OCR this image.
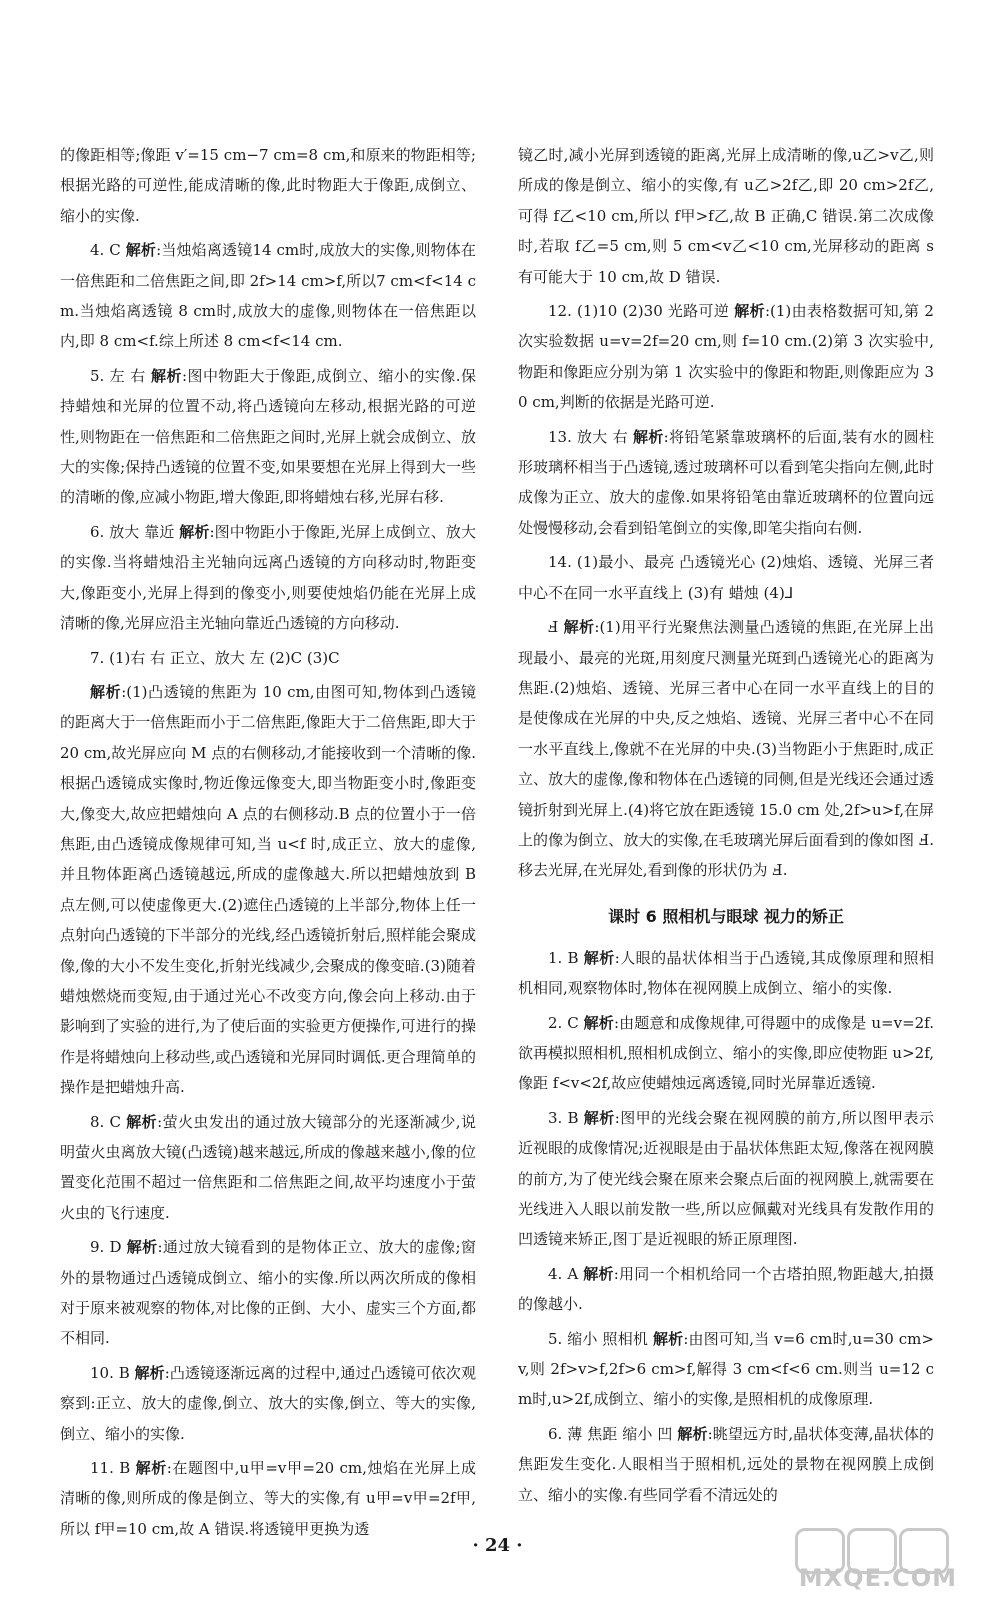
的像距相等;像距 v′=15 cm−7 cm=8 cm,和原来的物距相等;根据光路的可逆性,能成清晰的像,此时物距大于像距,成倒立、缩小的实像.

4. C 解析:当烛焰离透镜14 cm时,成放大的实像,则物体在一倍焦距和二倍焦距之间,即 2f>14 cm>f,所以7 cm<f<14 cm.当烛焰离透镜 8 cm时,成放大的虚像,则物体在一倍焦距以内,即 8 cm<f.综上所述 8 cm<f<14 cm.

5. 左 右 解析:图中物距大于像距,成倒立、缩小的实像.保持蜡烛和光屏的位置不动,将凸透镜向左移动,根据光路的可逆性,则物距在一倍焦距和二倍焦距之间时,光屏上就会成倒立、放大的实像;保持凸透镜的位置不变,如果要想在光屏上得到大一些的清晰的像,应减小物距,增大像距,即将蜡烛右移,光屏右移.

6. 放大 靠近 解析:图中物距小于像距,光屏上成倒立、放大的实像.当将蜡烛沿主光轴向远离凸透镜的方向移动时,物距变大,像距变小,光屏上得到的像变小,则要使烛焰仍能在光屏上成清晰的像,光屏应沿主光轴向靠近凸透镜的方向移动.

7. (1)右 右 正立、放大 左 (2)C (3)C

解析:(1)凸透镜的焦距为 10 cm,由图可知,物体到凸透镜的距离大于一倍焦距而小于二倍焦距,像距大于二倍焦距,即大于 20 cm,故光屏应向 M 点的右侧移动,才能接收到一个清晰的像.根据凸透镜成实像时,物近像远像变大,即当物距变小时,像距变大,像变大,故应把蜡烛向 A 点的右侧移动.B 点的位置小于一倍焦距,由凸透镜成像规律可知,当 u<f 时,成正立、放大的虚像,并且物体距离凸透镜越远,所成的虚像越大.所以把蜡烛放到 B 点左侧,可以使虚像更大.(2)遮住凸透镜的上半部分,物体上任一点射向凸透镜的下半部分的光线,经凸透镜折射后,照样能会聚成像,像的大小不发生变化,折射光线减少,会聚成的像变暗.(3)随着蜡烛燃烧而变短,由于通过光心不改变方向,像会向上移动.由于影响到了实验的进行,为了使后面的实验更方便操作,可进行的操作是将蜡烛向上移动些,或凸透镜和光屏同时调低.更合理简单的操作是把蜡烛升高.

8. C 解析:萤火虫发出的通过放大镜部分的光逐渐减少,说明萤火虫离放大镜(凸透镜)越来越远,所成的像越来越小,像的位置变化范围不超过一倍焦距和二倍焦距之间,故平均速度小于萤火虫的飞行速度.

9. D 解析:通过放大镜看到的是物体正立、放大的虚像;窗外的景物通过凸透镜成倒立、缩小的实像.所以两次所成的像相对于原来被观察的物体,对比像的正倒、大小、虚实三个方面,都不相同.

10. B 解析:凸透镜逐渐远离的过程中,通过凸透镜可依次观察到:正立、放大的虚像,倒立、放大的实像,倒立、等大的实像,倒立、缩小的实像.

11. B 解析:在题图中,u甲=v甲=20 cm,烛焰在光屏上成清晰的像,则所成的像是倒立、等大的实像,有 u甲=v甲=2f甲,所以 f甲=10 cm,故 A 错误.将透镜甲更换为透

镜乙时,减小光屏到透镜的距离,光屏上成清晰的像,u乙>v乙,则所成的像是倒立、缩小的实像,有 u乙>2f乙,即 20 cm>2f乙,可得 f乙<10 cm,所以 f甲>f乙,故 B 正确,C 错误.第二次成像时,若取 f乙=5 cm,则 5 cm<v乙<10 cm,光屏移动的距离 s 有可能大于 10 cm,故 D 错误.

12. (1)10 (2)30 光路可逆 解析:(1)由表格数据可知,第 2 次实验数据 u=v=2f=20 cm,则 f=10 cm.(2)第 3 次实验中,物距和像距应分别为第 1 次实验中的像距和物距,则像距应为 30 cm,判断的依据是光路可逆.

13. 放大 右 解析:将铅笔紧靠玻璃杯的后面,装有水的圆柱形玻璃杯相当于凸透镜,透过玻璃杯可以看到笔尖指向左侧,此时成像为正立、放大的虚像.如果将铅笔由靠近玻璃杯的位置向远处慢慢移动,会看到铅笔倒立的实像,即笔尖指向右侧.

14. (1)最小、最亮 凸透镜光心 (2)烛焰、透镜、光屏三者中心不在同一水平直线上 (3)有 蜡烛 (4)⅃

Ⅎ 解析:(1)用平行光聚焦法测量凸透镜的焦距,在光屏上出现最小、最亮的光斑,用刻度尺测量光斑到凸透镜光心的距离为焦距.(2)烛焰、透镜、光屏三者中心在同一水平直线上的目的是使像成在光屏的中央,反之烛焰、透镜、光屏三者中心不在同一水平直线上,像就不在光屏的中央.(3)当物距小于焦距时,成正立、放大的虚像,像和物体在凸透镜的同侧,但是光线还会通过透镜折射到光屏上.(4)将它放在距透镜 15.0 cm 处,2f>u>f,在屏上的像为倒立、放大的实像,在毛玻璃光屏后面看到的像如图 Ⅎ.移去光屏,在光屏处,看到像的形状仍为 Ⅎ.

课时 6 照相机与眼球 视力的矫正

1. B 解析:人眼的晶状体相当于凸透镜,其成像原理和照相机相同,观察物体时,物体在视网膜上成倒立、缩小的实像.

2. C 解析:由题意和成像规律,可得题中的成像是 u=v=2f.欲再模拟照相机,照相机成倒立、缩小的实像,即应使物距 u>2f,像距 f<v<2f,故应使蜡烛远离透镜,同时光屏靠近透镜.

3. B 解析:图甲的光线会聚在视网膜的前方,所以图甲表示近视眼的成像情况;近视眼是由于晶状体焦距太短,像落在视网膜的前方,为了使光线会聚在原来会聚点后面的视网膜上,就需要在光线进入人眼以前发散一些,所以应佩戴对光线具有发散作用的凹透镜来矫正,图丁是近视眼的矫正原理图.

4. A 解析:用同一个相机给同一个古塔拍照,物距越大,拍摄的像越小.

5. 缩小 照相机 解析:由图可知,当 v=6 cm时,u=30 cm>v,则 2f>v>f,2f>6 cm>f,解得 3 cm<f<6 cm.则当 u=12 cm时,u>2f,成倒立、缩小的实像,是照相机的成像原理.

6. 薄 焦距 缩小 凹 解析:眺望远方时,晶状体变薄,晶状体的焦距发生变化.人眼相当于照相机,远处的景物在视网膜上成倒立、缩小的实像.有些同学看不清远处的

· 24 ·
MXQE.COM
